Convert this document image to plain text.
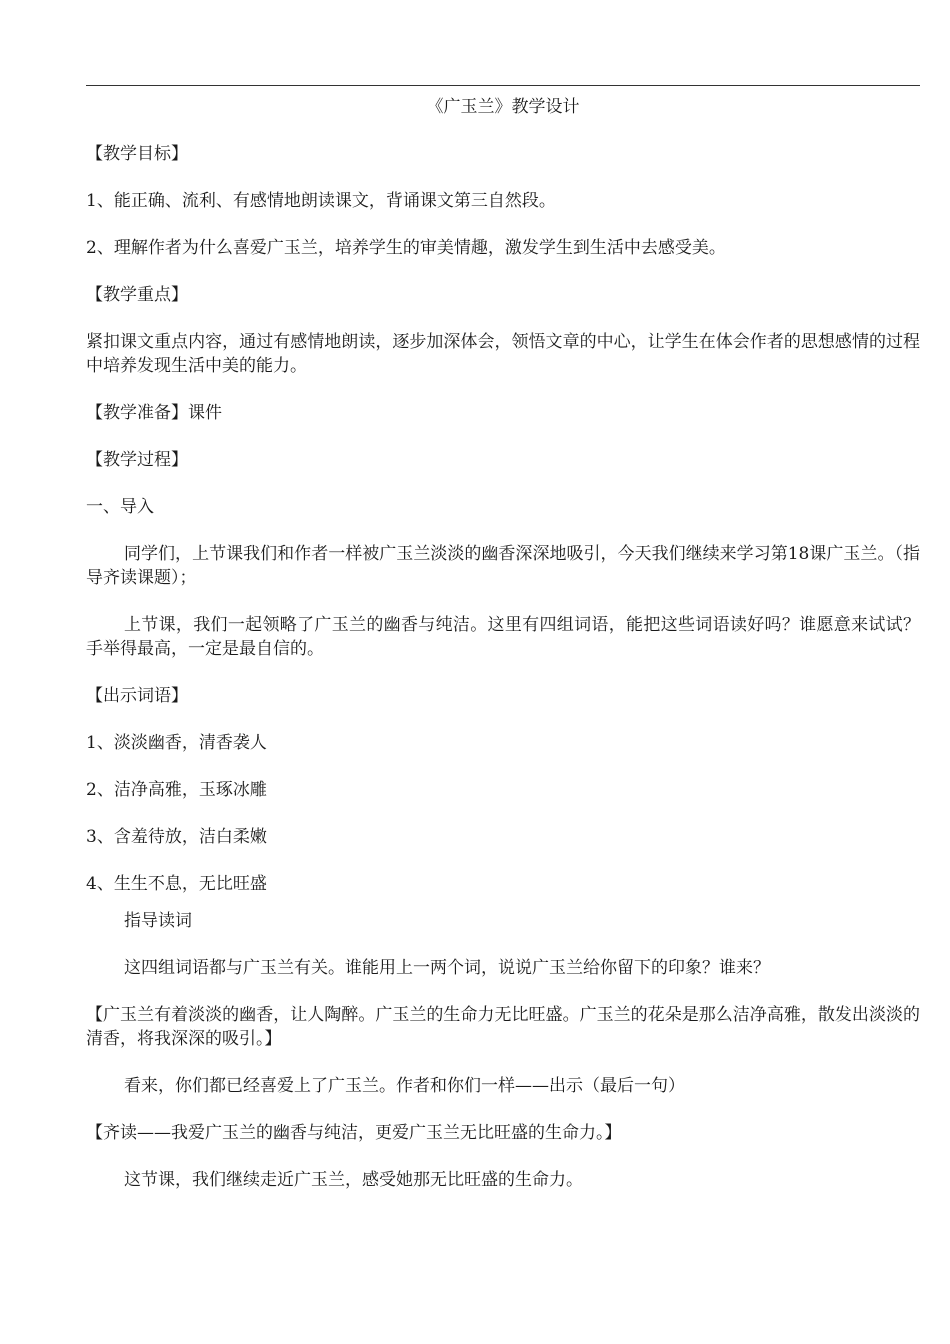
《广玉兰》教学设计
【教学目标】
1、能正确、流利、有感情地朗读课文，背诵课文第三自然段。
2、理解作者为什么喜爱广玉兰，培养学生的审美情趣，激发学生到生活中去感受美。
【教学重点】
紧扣课文重点内容，通过有感情地朗读，逐步加深体会，领悟文章的中心，让学生在体会作者的思想感情的过程中培养发现生活中美的能力。
【教学准备】课件
【教学过程】
一、导入
同学们，上节课我们和作者一样被广玉兰淡淡的幽香深深地吸引，今天我们继续来学习第18课广玉兰。（指导齐读课题）；
上节课，我们一起领略了广玉兰的幽香与纯洁。这里有四组词语，能把这些词语读好吗？谁愿意来试试？手举得最高，一定是最自信的。
【出示词语】
1、淡淡幽香，清香袭人
2、洁净高雅，玉琢冰雕
3、含羞待放，洁白柔嫩
4、生生不息，无比旺盛
指导读词
这四组词语都与广玉兰有关。谁能用上一两个词，说说广玉兰给你留下的印象？谁来？
【广玉兰有着淡淡的幽香，让人陶醉。广玉兰的生命力无比旺盛。广玉兰的花朵是那么洁净高雅，散发出淡淡的清香，将我深深的吸引。】
看来，你们都已经喜爱上了广玉兰。作者和你们一样——出示（最后一句）
【齐读——我爱广玉兰的幽香与纯洁，更爱广玉兰无比旺盛的生命力。】
这节课，我们继续走近广玉兰，感受她那无比旺盛的生命力。
